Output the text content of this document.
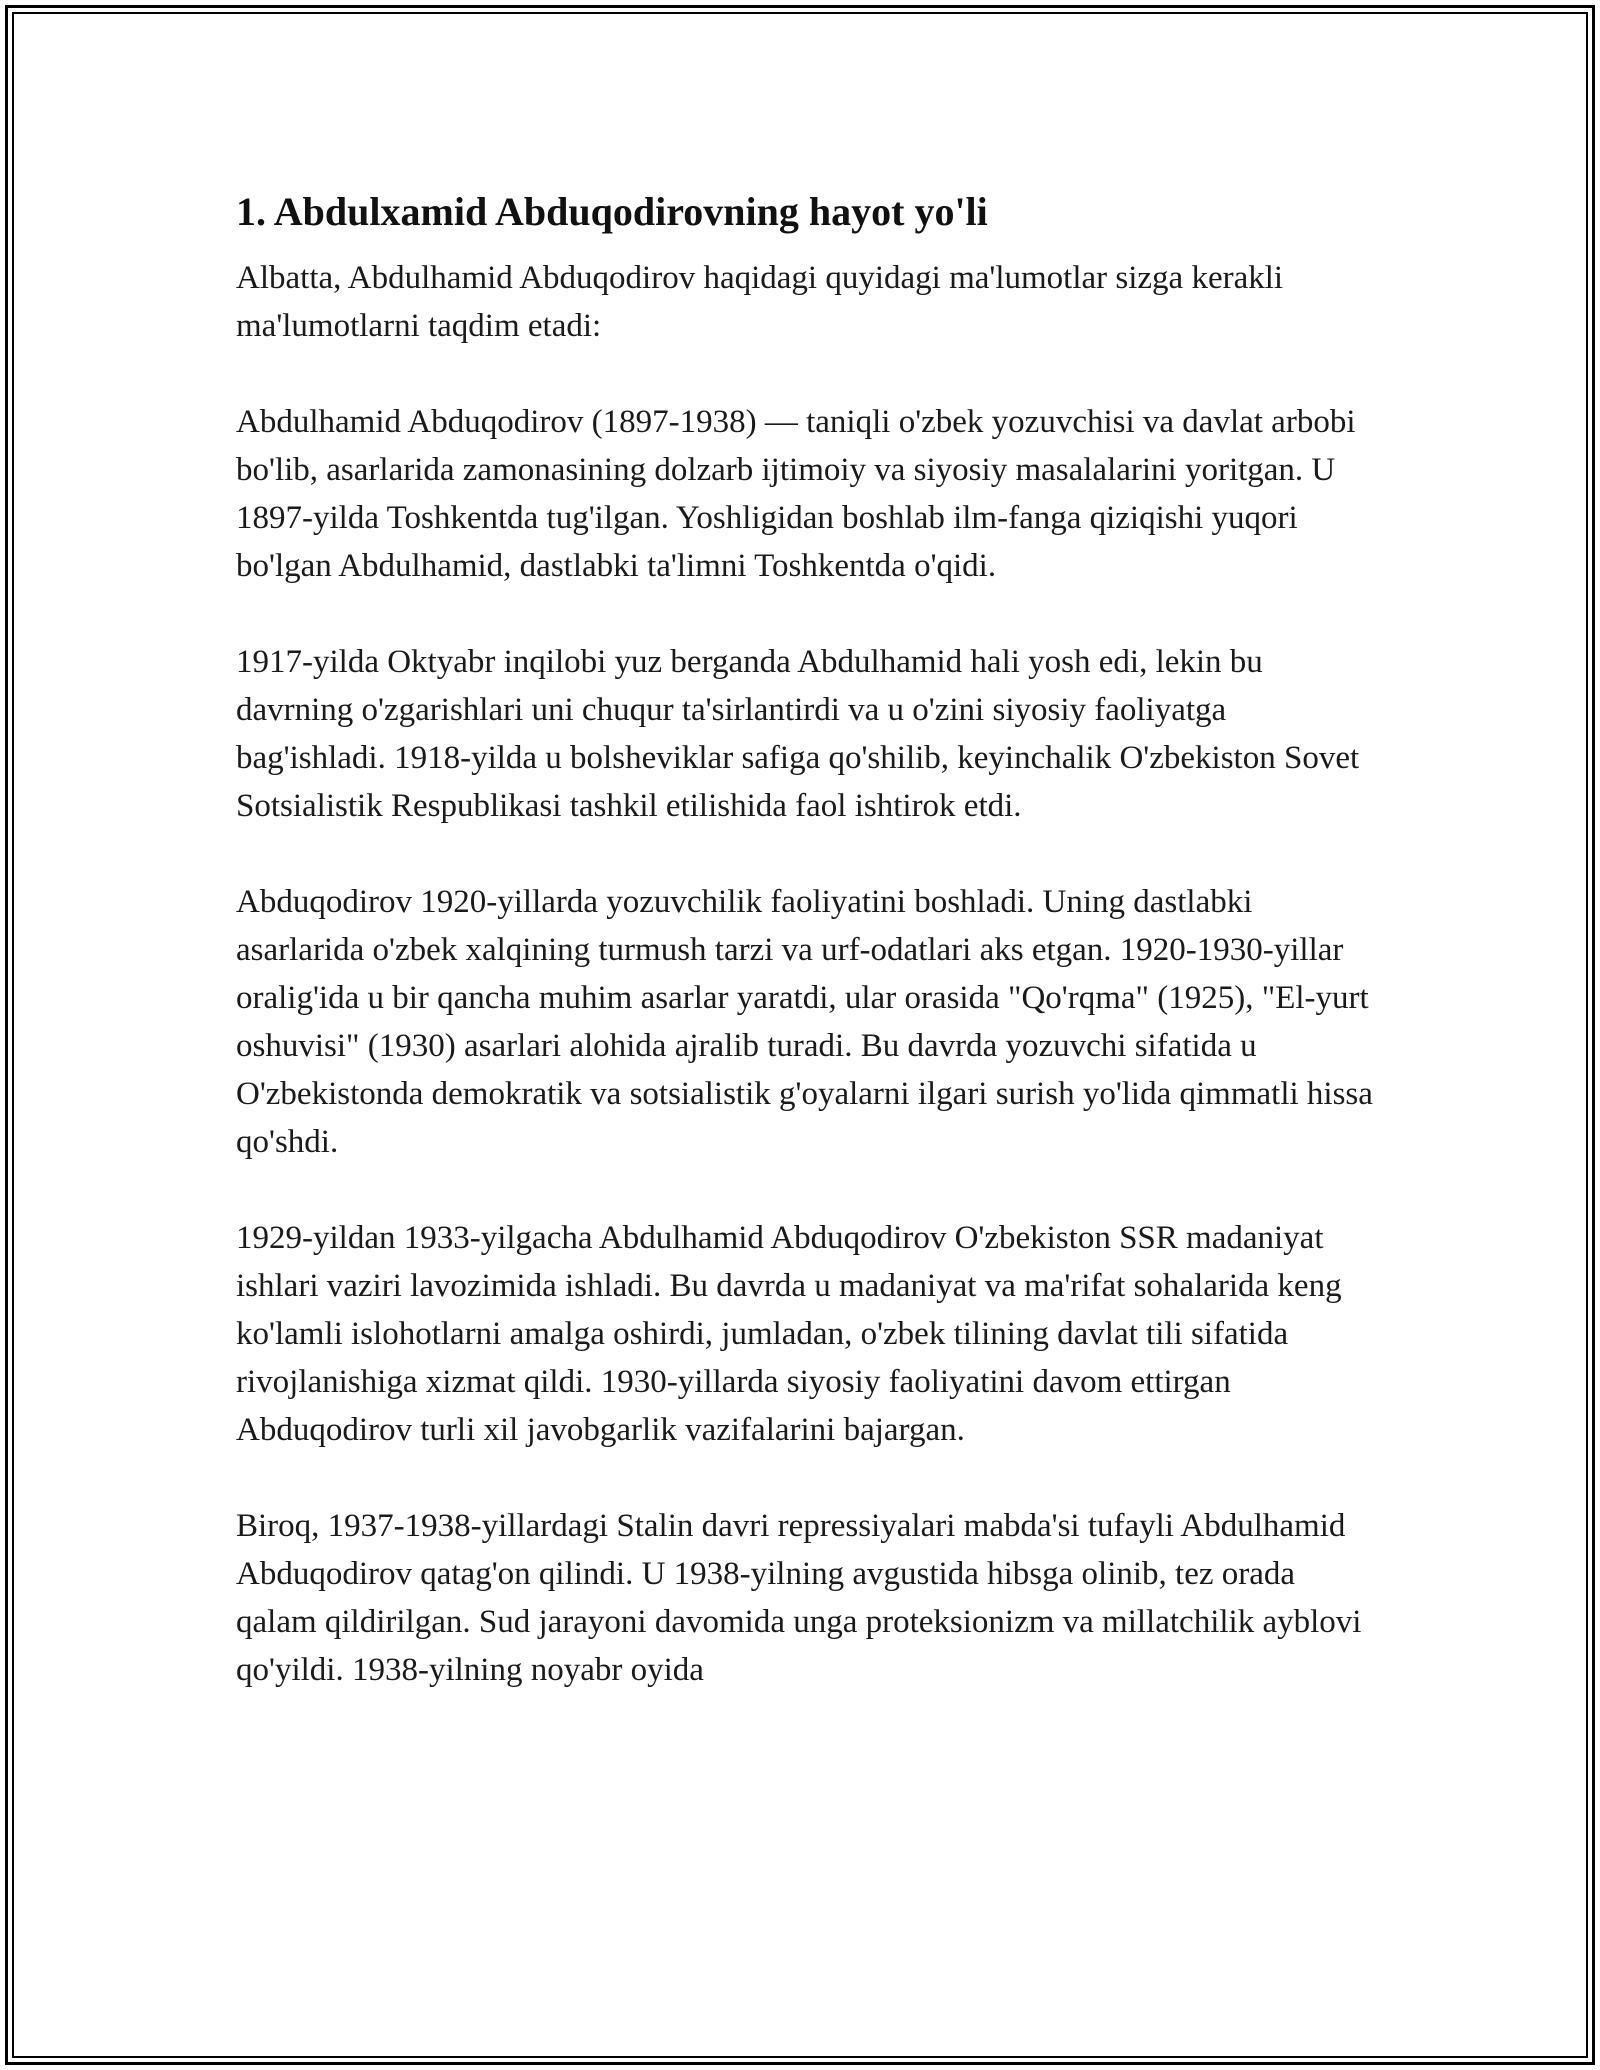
1. Abdulxamid Abduqodirovning hayot yo'li

Albatta, Abdulhamid Abduqodirov haqidagi quyidagi ma'lumotlar sizga kerakli ma'lumotlarni taqdim etadi:

Abdulhamid Abduqodirov (1897-1938) — taniqli o'zbek yozuvchisi va davlat arbobi bo'lib, asarlarida zamonasining dolzarb ijtimoiy va siyosiy masalalarini yoritgan. U 1897-yilda Toshkentda tug'ilgan. Yoshligidan boshlab ilm-fanga qiziqishi yuqori bo'lgan Abdulhamid, dastlabki ta'limni Toshkentda o'qidi.

1917-yilda Oktyabr inqilobi yuz berganda Abdulhamid hali yosh edi, lekin bu davrning o'zgarishlari uni chuqur ta'sirlantirdi va u o'zini siyosiy faoliyatga bag'ishladi. 1918-yilda u bolsheviklar safiga qo'shilib, keyinchalik O'zbekiston Sovet Sotsialistik Respublikasi tashkil etilishida faol ishtirok etdi.

Abduqodirov 1920-yillarda yozuvchilik faoliyatini boshladi. Uning dastlabki asarlarida o'zbek xalqining turmush tarzi va urf-odatlari aks etgan. 1920-1930-yillar oralig'ida u bir qancha muhim asarlar yaratdi, ular orasida "Qo'rqma" (1925), "El-yurt oshuvisi" (1930) asarlari alohida ajralib turadi. Bu davrda yozuvchi sifatida u O'zbekistonda demokratik va sotsialistik g'oyalarni ilgari surish yo'lida qimmatli hissa qo'shdi.

1929-yildan 1933-yilgacha Abdulhamid Abduqodirov O'zbekiston SSR madaniyat ishlari vaziri lavozimida ishladi. Bu davrda u madaniyat va ma'rifat sohalarida keng ko'lamli islohotlarni amalga oshirdi, jumladan, o'zbek tilining davlat tili sifatida rivojlanishiga xizmat qildi. 1930-yillarda siyosiy faoliyatini davom ettirgan Abduqodirov turli xil javobgarlik vazifalarini bajargan.

Biroq, 1937-1938-yillardagi Stalin davri repressiyalari mabda'si tufayli Abdulhamid Abduqodirov qatag'on qilindi. U 1938-yilning avgustida hibsga olinib, tez orada qalam qildirilgan. Sud jarayoni davomida unga proteksionizm va millatchilik ayblovi qo'yildi. 1938-yilning noyabr oyida
